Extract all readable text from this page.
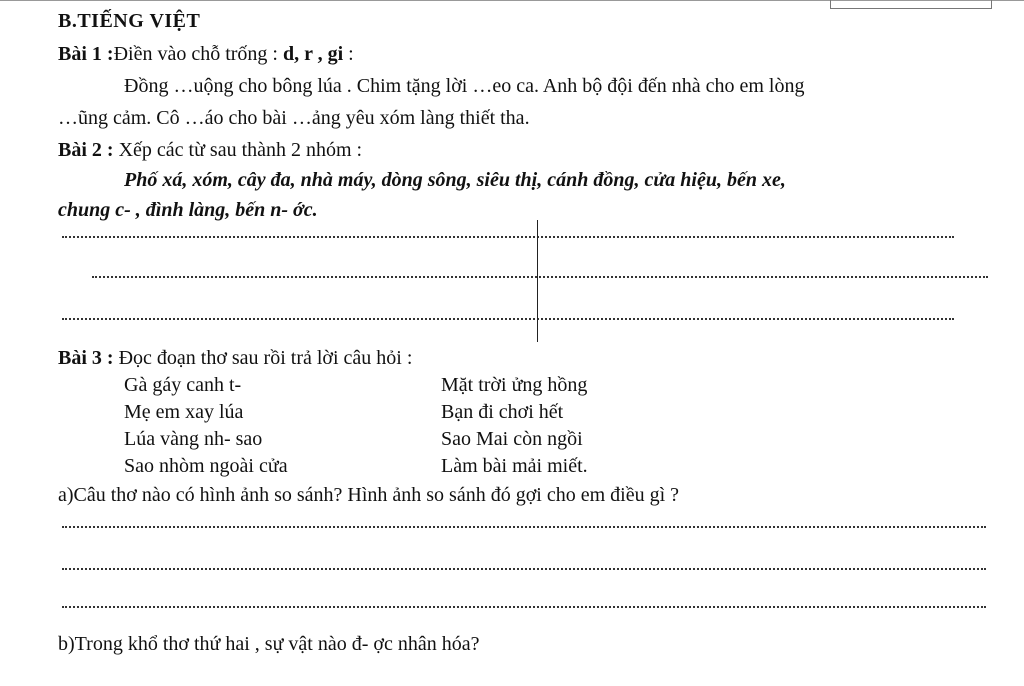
B.TIẾNG VIỆT
Bài 1 :Điền vào chỗ trống : d, r , gi :
Đồng …uộng cho bông lúa . Chim tặng lời …eo ca. Anh bộ đội đến nhà cho em lòng
…ũng cảm. Cô …áo cho bài …ảng yêu xóm làng thiết tha.
Bài 2 : Xếp các từ sau thành 2 nhóm :
Phố xá, xóm, cây đa, nhà máy, dòng sông, siêu thị, cánh đồng, cửa hiệu, bến xe,
chung c- , đình làng, bến n- ớc.
Bài 3 : Đọc đoạn thơ sau rồi trả lời câu hỏi :
Gà gáy canh t-
Mẹ em xay lúa
Lúa vàng nh- sao
Sao nhòm ngoài cửa
Mặt trời ửng hồng
Bạn đi chơi hết
Sao Mai còn ngồi
Làm bài mải miết.
a)Câu thơ nào có hình ảnh so sánh? Hình ảnh so sánh đó gợi cho em điều gì ?
b)Trong khổ thơ thứ hai , sự vật nào đ- ợc nhân hóa?
